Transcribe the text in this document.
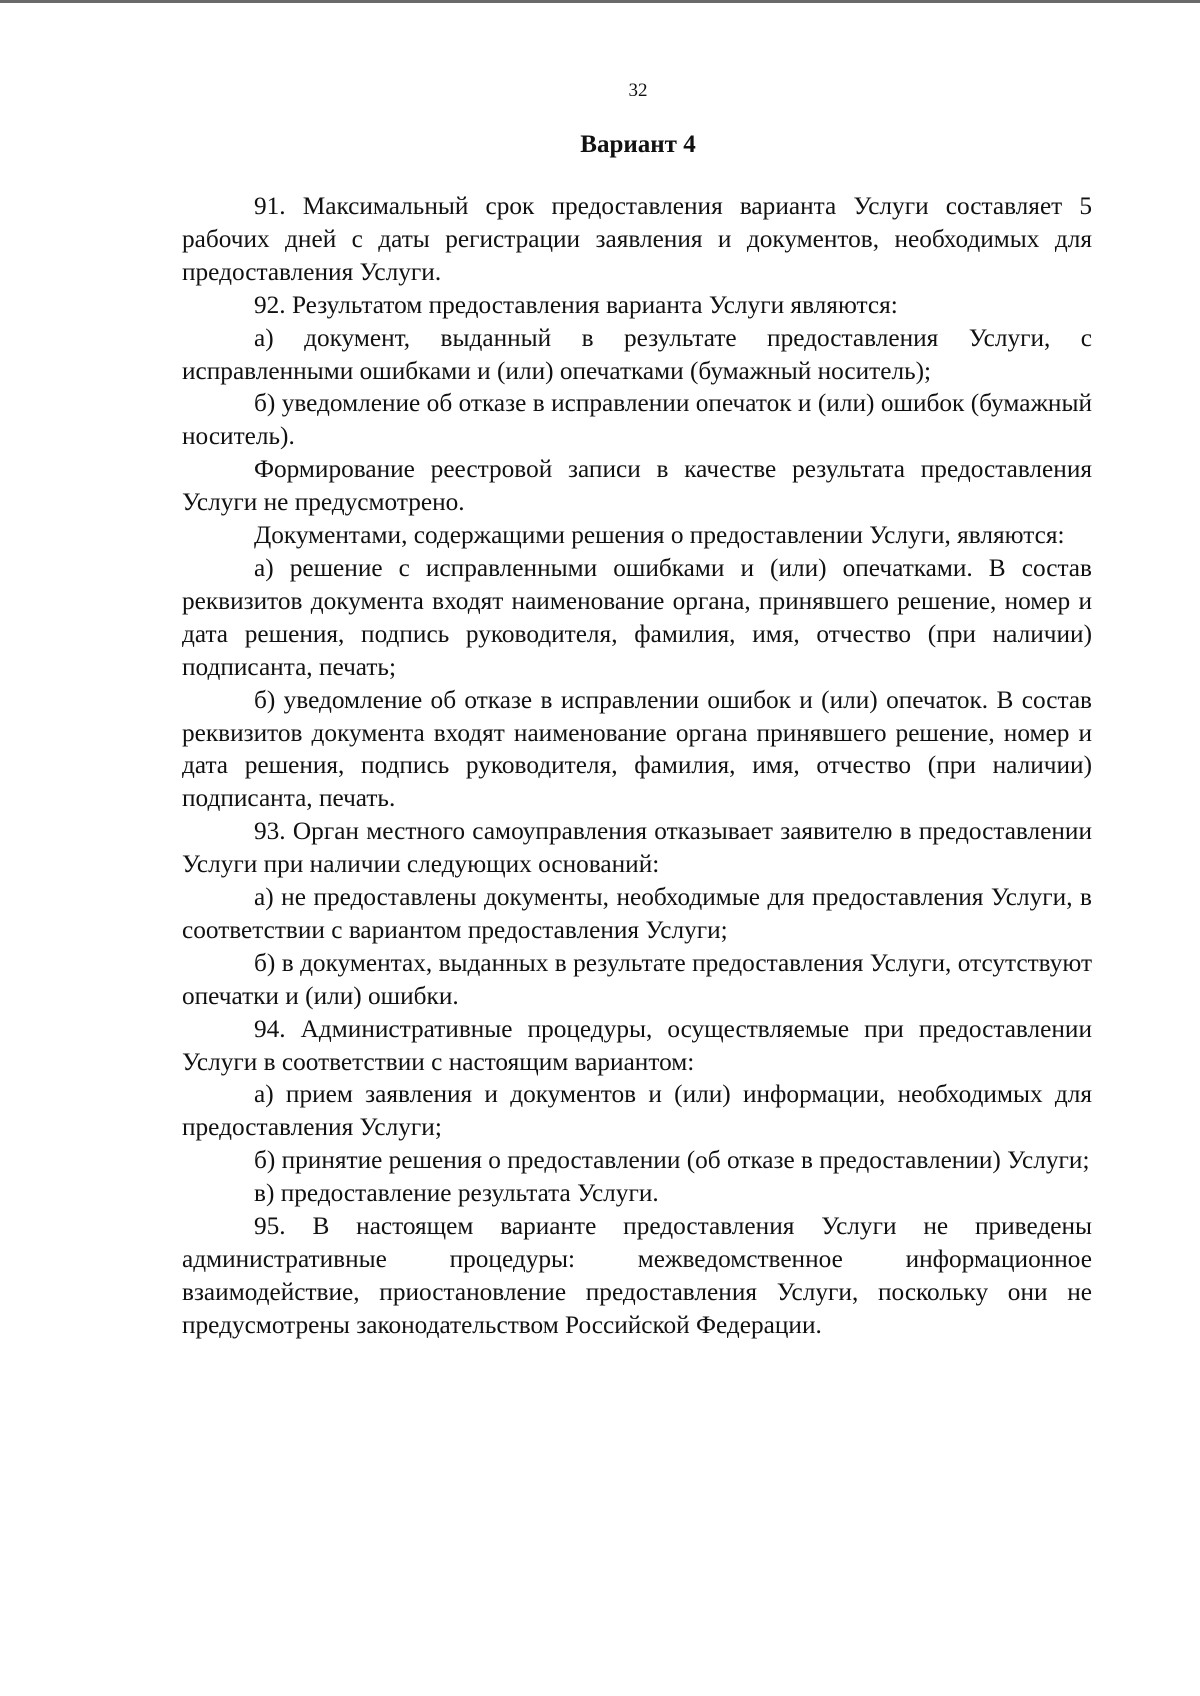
32
Вариант 4

91. Максимальный срок предоставления варианта Услуги составляет 5 рабочих дней с даты регистрации заявления и документов, необходимых для предоставления Услуги.

92. Результатом предоставления варианта Услуги являются:

а) документ, выданный в результате предоставления Услуги, с исправленными ошибками и (или) опечатками (бумажный носитель);

б) уведомление об отказе в исправлении опечаток и (или) ошибок (бумажный носитель).

Формирование реестровой записи в качестве результата предоставления Услуги не предусмотрено.

Документами, содержащими решения о предоставлении Услуги, являются:

а) решение с исправленными ошибками и (или) опечатками. В состав реквизитов документа входят наименование органа, принявшего решение, номер и дата решения, подпись руководителя, фамилия, имя, отчество (при наличии) подписанта, печать;

б) уведомление об отказе в исправлении ошибок и (или) опечаток. В состав реквизитов документа входят наименование органа принявшего решение, номер и дата решения, подпись руководителя, фамилия, имя, отчество (при наличии) подписанта, печать.

93. Орган местного самоуправления отказывает заявителю в предоставлении Услуги при наличии следующих оснований:

а) не предоставлены документы, необходимые для предоставления Услуги, в соответствии с вариантом предоставления Услуги;

б) в документах, выданных в результате предоставления Услуги, отсутствуют опечатки и (или) ошибки.

94. Административные процедуры, осуществляемые при предоставлении Услуги в соответствии с настоящим вариантом:

а) прием заявления и документов и (или) информации, необходимых для предоставления Услуги;

б) принятие решения о предоставлении (об отказе в предоставлении) Услуги;

в) предоставление результата Услуги.

95. В настоящем варианте предоставления Услуги не приведены административные процедуры: межведомственное информационное взаимодействие, приостановление предоставления Услуги, поскольку они не предусмотрены законодательством Российской Федерации.
